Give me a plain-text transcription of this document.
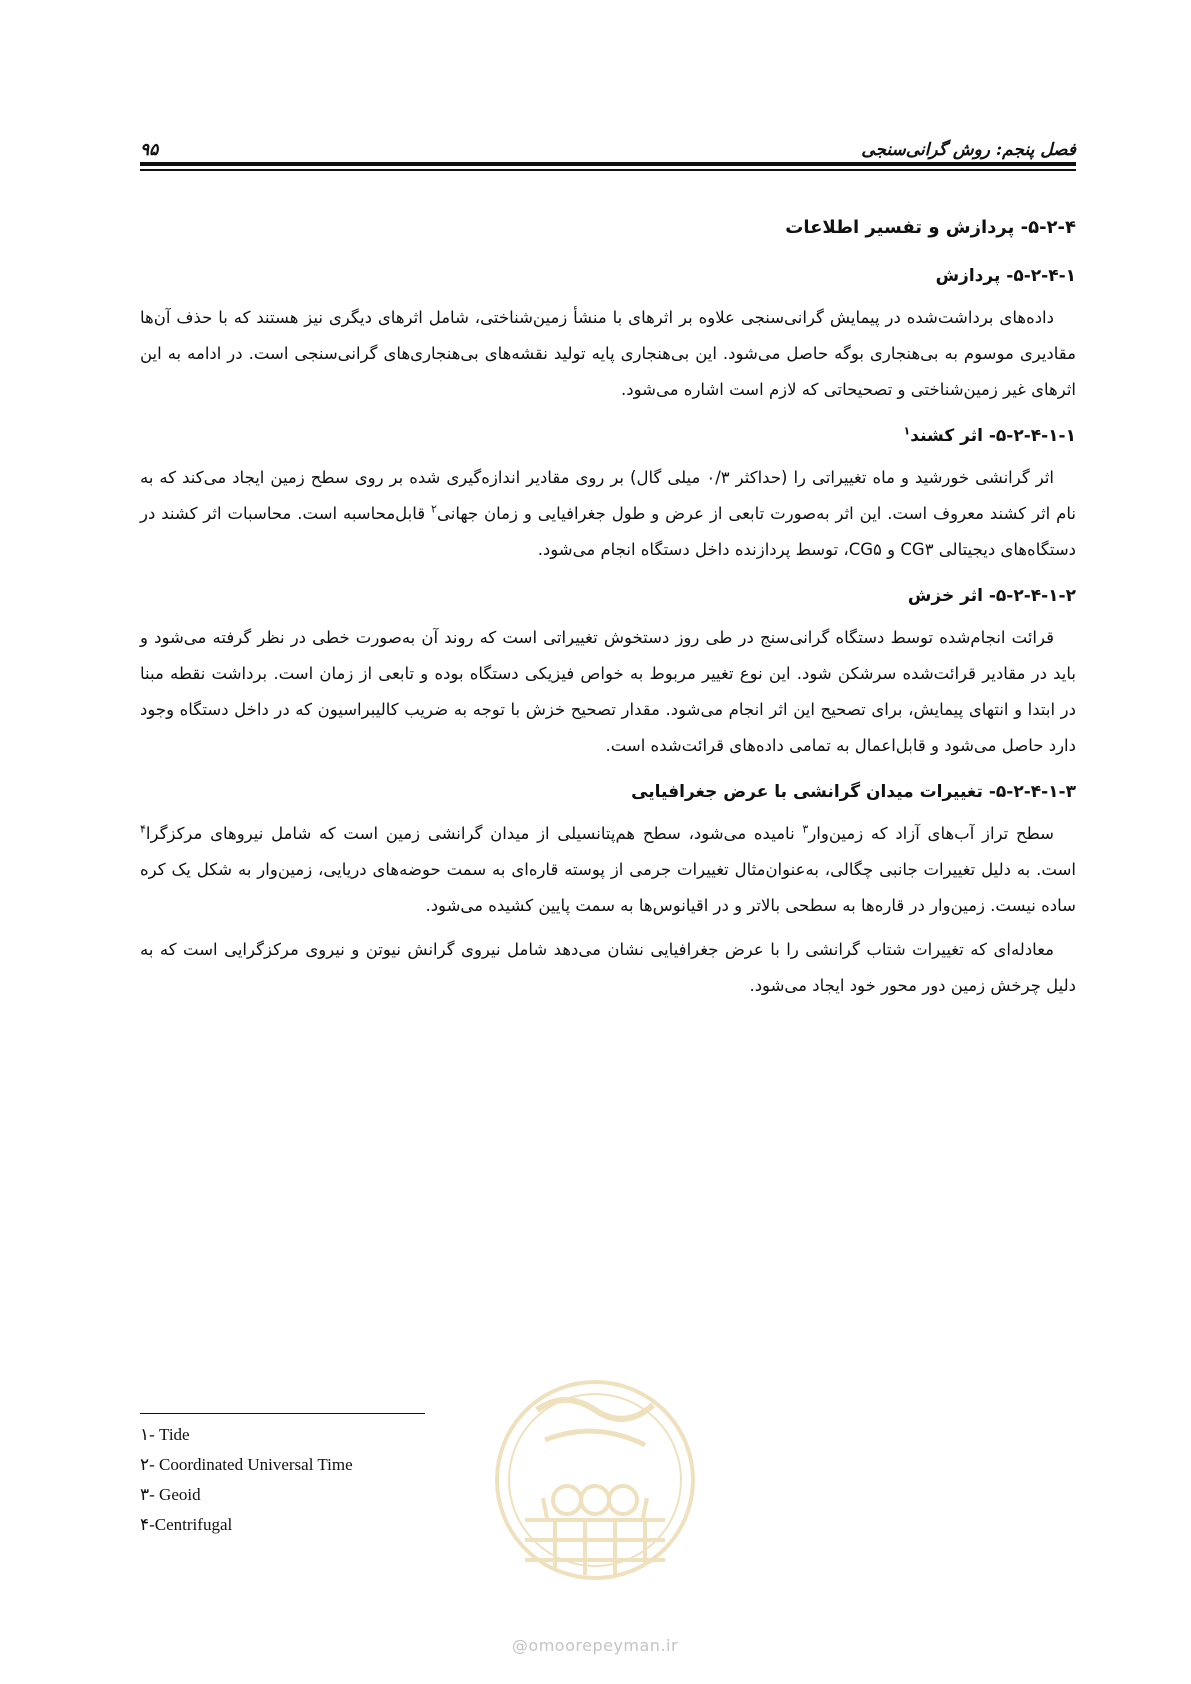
۹۵	فصل پنجم: روش گرانی‌سنجی
۵-۲-۴- پردازش و تفسیر اطلاعات
۵-۲-۴-۱- پردازش

داده‌های برداشت‌شده در پیمایش گرانی‌سنجی علاوه بر اثرهای با منشأ زمین‌شناختی، شامل اثرهای دیگری نیز هستند که با حذف آن‌ها مقادیری موسوم به بی‌هنجاری بوگه حاصل می‌شود. این بی‌هنجاری پایه تولید نقشه‌های بی‌هنجاری‌های گرانی‌سنجی است. در ادامه به این اثرهای غیر زمین‌شناختی و تصحیحاتی که لازم است اشاره می‌شود.

۵-۲-۴-۱-۱- اثر کشند$^۱$

اثر گرانشی خورشید و ماه تغییراتی را (حداکثر ۰/۳ میلی گال) بر روی مقادیر اندازه‌گیری شده بر روی سطح زمین ایجاد می‌کند که به نام اثر کشند معروف است. این اثر به‌صورت تابعی از عرض و طول جغرافیایی و زمان جهانی$^۲$ قابل‌محاسبه است. محاسبات اثر کشند در دستگاه‌های دیجیتالی CG۳ و CG۵، توسط پردازنده داخل دستگاه انجام می‌شود.

۵-۲-۴-۱-۲- اثر خزش

قرائت انجام‌شده توسط دستگاه گرانی‌سنج در طی روز دستخوش تغییراتی است که روند آن به‌صورت خطی در نظر گرفته می‌شود و باید در مقادیر قرائت‌شده سرشکن شود. این نوع تغییر مربوط به خواص فیزیکی دستگاه بوده و تابعی از زمان است. برداشت نقطه مبنا در ابتدا و انتهای پیمایش، برای تصحیح این اثر انجام می‌شود. مقدار تصحیح خزش با توجه به ضریب کالیبراسیون که در داخل دستگاه وجود دارد حاصل می‌شود و قابل‌اعمال به تمامی داده‌های قرائت‌شده است.

۵-۲-۴-۱-۳- تغییرات میدان گرانشی با عرض جغرافیایی

سطح تراز آب‌های آزاد که زمین‌وار$^۳$ نامیده می‌شود، سطح هم‌پتانسیلی از میدان گرانشی زمین است که شامل نیروهای مرکزگرا$^۴$ است. به دلیل تغییرات جانبی چگالی، به‌عنوان‌مثال تغییرات جرمی از پوسته قاره‌ای به سمت حوضه‌های دریایی، زمین‌وار به شکل یک کره ساده نیست. زمین‌وار در قاره‌ها به سطحی بالاتر و در اقیانوس‌ها به سمت پایین کشیده می‌شود.

معادله‌ای که تغییرات شتاب گرانشی را با عرض جغرافیایی نشان می‌دهد شامل نیروی گرانش نیوتن و نیروی مرکزگرایی است که به دلیل چرخش زمین دور محور خود ایجاد می‌شود.

۱- Tide
۲- Coordinated Universal Time
۳- Geoid
۴-Centrifugal
@omoorepeyman.ir
